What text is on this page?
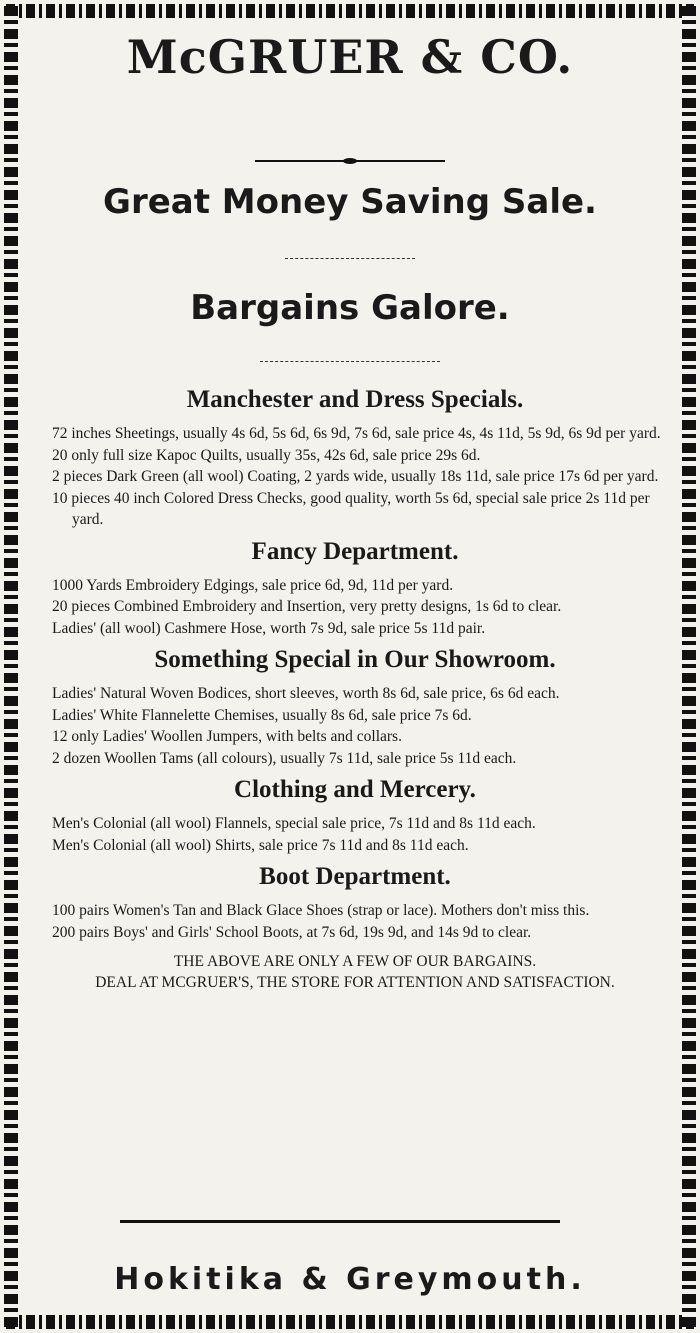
McGRUER & CO.
Great Money Saving Sale.
Bargains Galore.
Manchester and Dress Specials.

72 inches Sheetings, usually 4s 6d, 5s 6d, 6s 9d, 7s 6d, sale price 4s, 4s 11d, 5s 9d, 6s 9d per yard.

20 only full size Kapoc Quilts, usually 35s, 42s 6d, sale price 29s 6d.

2 pieces Dark Green (all wool) Coating, 2 yards wide, usually 18s 11d, sale price 17s 6d per yard.

10 pieces 40 inch Colored Dress Checks, good quality, worth 5s 6d, special sale price 2s 11d per yard.

Fancy Department.

1000 Yards Embroidery Edgings, sale price 6d, 9d, 11d per yard.

20 pieces Combined Embroidery and Insertion, very pretty designs, 1s 6d to clear.

Ladies' (all wool) Cashmere Hose, worth 7s 9d, sale price 5s 11d pair.

Something Special in Our Showroom.

Ladies' Natural Woven Bodices, short sleeves, worth 8s 6d, sale price, 6s 6d each.

Ladies' White Flannelette Chemises, usually 8s 6d, sale price 7s 6d.

12 only Ladies' Woollen Jumpers, with belts and collars.

2 dozen Woollen Tams (all colours), usually 7s 11d, sale price 5s 11d each.

Clothing and Mercery.

Men's Colonial (all wool) Flannels, special sale price, 7s 11d and 8s 11d each.

Men's Colonial (all wool) Shirts, sale price 7s 11d and 8s 11d each.

Boot Department.

100 pairs Women's Tan and Black Glace Shoes (strap or lace). Mothers don't miss this.

200 pairs Boys' and Girls' School Boots, at 7s 6d, 19s 9d, and 14s 9d to clear.

THE ABOVE ARE ONLY A FEW OF OUR BARGAINS.

DEAL AT MCGRUER'S, THE STORE FOR ATTENTION AND SATISFACTION.

Hokitika & Greymouth.
